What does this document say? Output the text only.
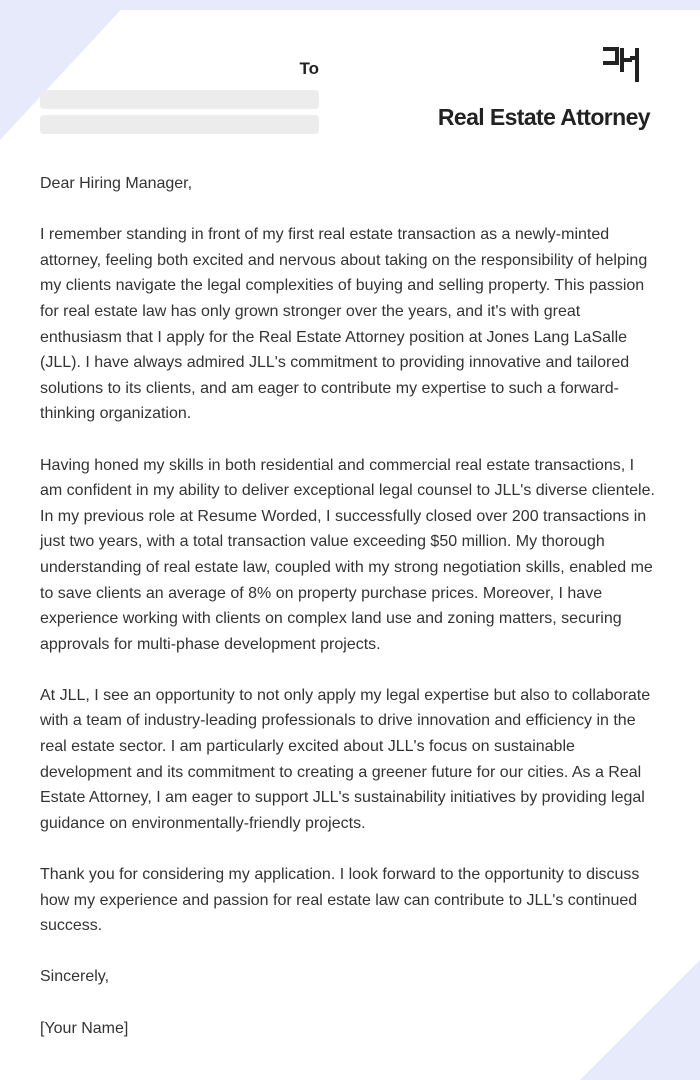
To
Real Estate Attorney

Dear Hiring Manager,

I remember standing in front of my first real estate transaction as a newly-minted attorney, feeling both excited and nervous about taking on the responsibility of helping my clients navigate the legal complexities of buying and selling property. This passion for real estate law has only grown stronger over the years, and it's with great enthusiasm that I apply for the Real Estate Attorney position at Jones Lang LaSalle (JLL). I have always admired JLL's commitment to providing innovative and tailored solutions to its clients, and am eager to contribute my expertise to such a forward-thinking organization.

Having honed my skills in both residential and commercial real estate transactions, I am confident in my ability to deliver exceptional legal counsel to JLL's diverse clientele. In my previous role at Resume Worded, I successfully closed over 200 transactions in just two years, with a total transaction value exceeding $50 million. My thorough understanding of real estate law, coupled with my strong negotiation skills, enabled me to save clients an average of 8% on property purchase prices. Moreover, I have experience working with clients on complex land use and zoning matters, securing approvals for multi-phase development projects.

At JLL, I see an opportunity to not only apply my legal expertise but also to collaborate with a team of industry-leading professionals to drive innovation and efficiency in the real estate sector. I am particularly excited about JLL's focus on sustainable development and its commitment to creating a greener future for our cities. As a Real Estate Attorney, I am eager to support JLL's sustainability initiatives by providing legal guidance on environmentally-friendly projects.

Thank you for considering my application. I look forward to the opportunity to discuss how my experience and passion for real estate law can contribute to JLL's continued success.

Sincerely,

[Your Name]
